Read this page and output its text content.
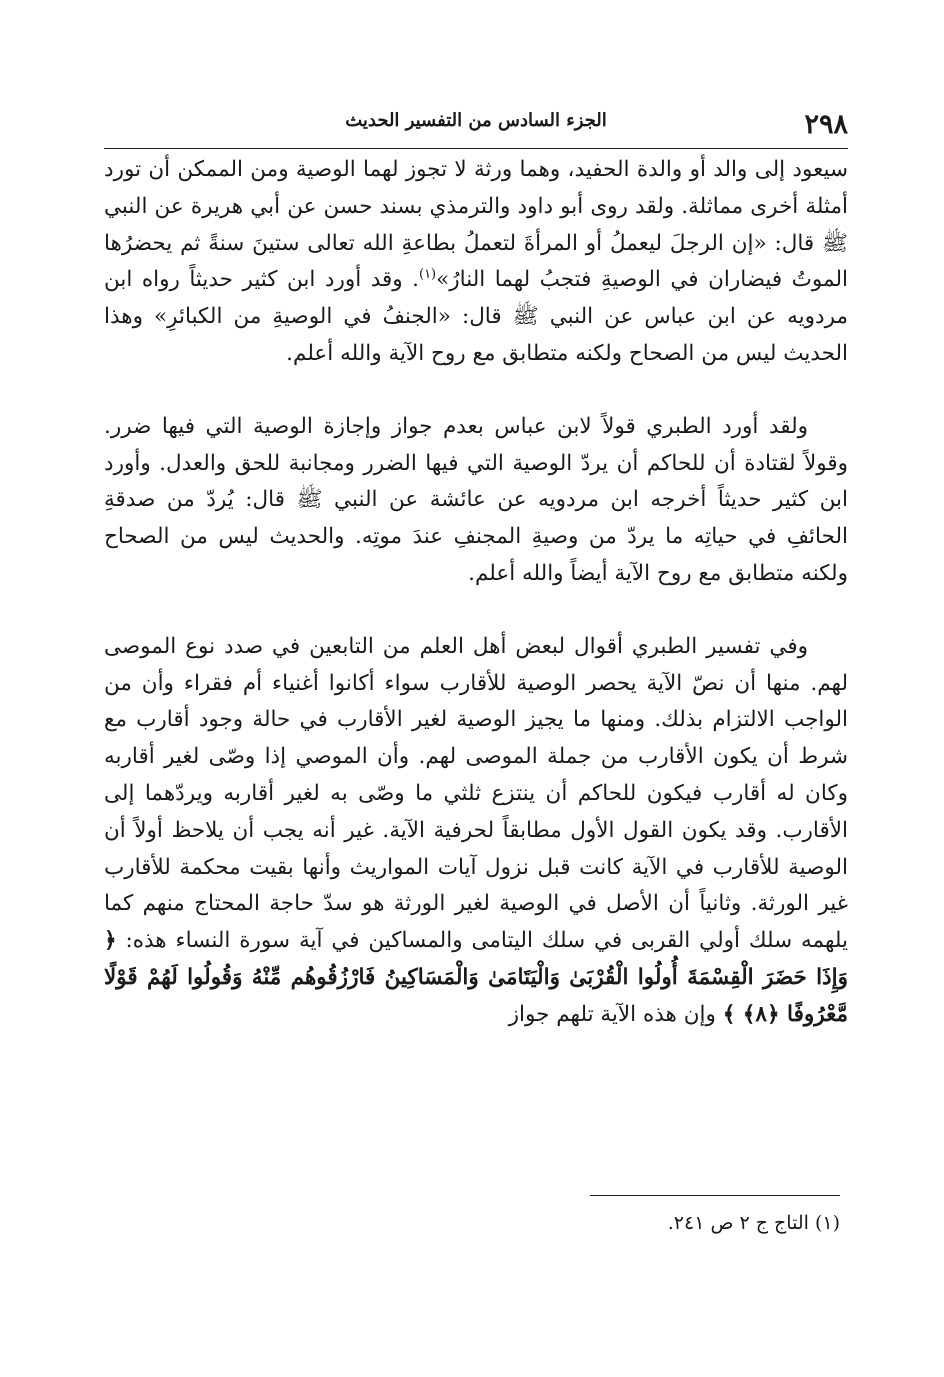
٢٩٨
الجزء السادس من التفسير الحديث

سيعود إلى والد أو والدة الحفيد، وهما ورثة لا تجوز لهما الوصية ومن الممكن أن تورد أمثلة أخرى مماثلة. ولقد روى أبو داود والترمذي بسند حسن عن أبي هريرة عن النبي ﷺ قال: «إن الرجلَ ليعملُ أو المرأةَ لتعملُ بطاعةِ الله تعالى ستينَ سنةً ثم يحضرُها الموتُ فيضاران في الوصيةِ فتجبُ لهما النارُ»$^{(١)}$. وقد أورد ابن كثير حديثاً رواه ابن مردويه عن ابن عباس عن النبي ﷺ قال: «الجنفُ في الوصيةِ من الكبائرِ» وهذا الحديث ليس من الصحاح ولكنه متطابق مع روح الآية والله أعلم.

ولقد أورد الطبري قولاً لابن عباس بعدم جواز وإجازة الوصية التي فيها ضرر. وقولاً لقتادة أن للحاكم أن يردّ الوصية التي فيها الضرر ومجانبة للحق والعدل. وأورد ابن كثير حديثاً أخرجه ابن مردويه عن عائشة عن النبي ﷺ قال: يُردّ من صدقةِ الحائفِ في حياتِه ما يردّ من وصيةِ المجنفِ عندَ موتِه. والحديث ليس من الصحاح ولكنه متطابق مع روح الآية أيضاً والله أعلم.

وفي تفسير الطبري أقوال لبعض أهل العلم من التابعين في صدد نوع الموصى لهم. منها أن نصّ الآية يحصر الوصية للأقارب سواء أكانوا أغنياء أم فقراء وأن من الواجب الالتزام بذلك. ومنها ما يجيز الوصية لغير الأقارب في حالة وجود أقارب مع شرط أن يكون الأقارب من جملة الموصى لهم. وأن الموصي إذا وصّى لغير أقاربه وكان له أقارب فيكون للحاكم أن ينتزع ثلثي ما وصّى به لغير أقاربه ويردّهما إلى الأقارب. وقد يكون القول الأول مطابقاً لحرفية الآية. غير أنه يجب أن يلاحظ أولاً أن الوصية للأقارب في الآية كانت قبل نزول آيات المواريث وأنها بقيت محكمة للأقارب غير الورثة. وثانياً أن الأصل في الوصية لغير الورثة هو سدّ حاجة المحتاج منهم كما يلهمه سلك أولي القربى في سلك اليتامى والمساكين في آية سورة النساء هذه: ﴿ وَإِذَا حَضَرَ الْقِسْمَةَ أُولُوا الْقُرْبَىٰ وَالْيَتَامَىٰ وَالْمَسَاكِينُ فَارْزُقُوهُم مِّنْهُ وَقُولُوا لَهُمْ قَوْلًا مَّعْرُوفًا ﴿٨﴾ ﴾ وإن هذه الآية تلهم جواز

(١) التاج ج ٢ ص ٢٤١.
